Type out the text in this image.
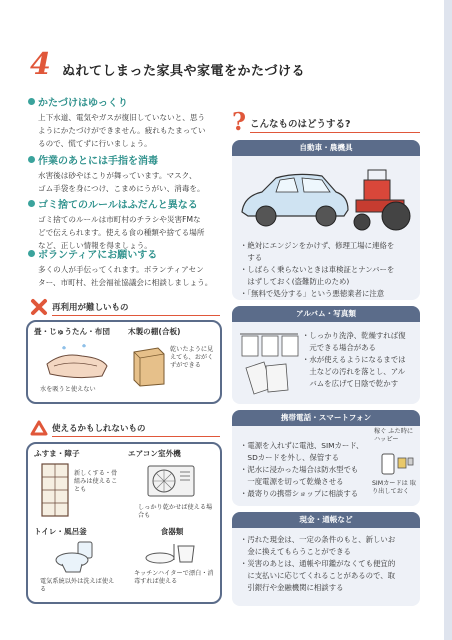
4 ぬれてしまった家具や家電をかたづける
かたづけはゆっくり
上下水道、電気やガスが復旧していないと、思う
ようにかたづけができません。疲れもたまってい
るので、慌てずに行いましょう。
作業のあとには手指を消毒
水害後は砂やほこりが舞っています。マスク、
ゴム手袋を身につけ、こまめにうがい、消毒を。
ゴミ捨てのルールはふだんと異なる
ゴミ捨てのルールは市町村のチラシや災害FMな
どで伝えられます。使える食の種類や捨てる場所
など、正しい情報を得ましょう。
ボランティアにお願いする
多くの人が手伝ってくれます。ボランティアセン
ター、市町村、社会福祉協議会に相談しましょう。
再利用が難しいもの
畳・じゅうたん・布団
水を吸うと使えない
木製の棚(合板)
乾いたように見えても、おがくずができる
使えるかもしれないもの
ふすま・障子
新しくする・骨組みは使えることも
エアコン室外機
しっかり乾かせば使える場合も
トイレ・風呂釜
電気系統以外は洗えば使える
食器類
キッチンハイターで漂白・消毒すれば使える
? こんなものはどうする?
自動車・農機具
・絶対にエンジンをかけず、修理工場に連絡を
　する
・しばらく乗らないときは車検証とナンバーを
　はずしておく(盗難防止のため)
・「無料で処分する」という悪徳業者に注意
アルバム・写真類
・しっかり洗浄、乾燥すれば復
　元できる場合がある
・水が使えるようになるまでは
　土などの汚れを落とし、アル
　バムを広げて日陰で乾かす
携帯電話・スマートフォン
・電源を入れずに電池、SIMカード、
　SDカードを外し、保管する
・泥水に浸かった場合は防水型でも
　一度電源を切って乾燥させる
・最寄りの携帯ショップに相談する
稼ぐ ふた時に ハッピー
SIMカードは 取り出しておく
現金・通帳など
・汚れた現金は、一定の条件のもと、新しいお
　金に換えてもらうことができる
・災害のあとは、通帳や印鑑がなくても便宜的
　に支払いに応じてくれることがあるので、取
　引銀行や金融機関に相談する
